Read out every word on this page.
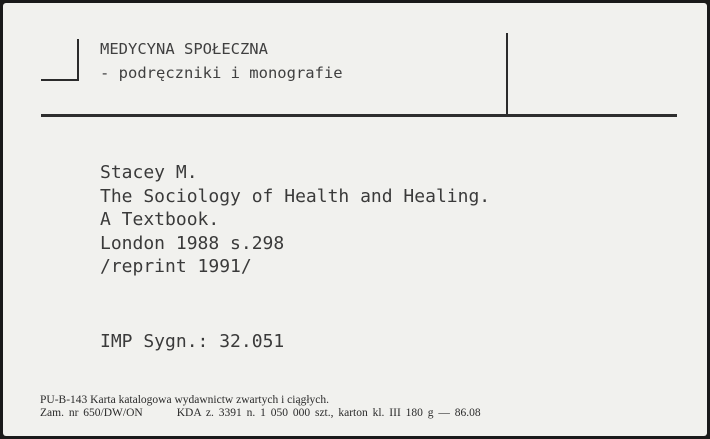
MEDYCYNA SPOŁECZNA
- podręczniki i monografie
Stacey M.
The Sociology of Health and Healing.
A Textbook.
London 1988 s.298
/reprint 1991/
IMP Sygn.: 32.051
PU-B-143 Karta katalogowa wydawnictw zwartych i ciągłych.
Zam. nr 650/DW/ON	KDA z. 3391 n. 1 050 000 szt., karton kl. III 180 g — 86.08
